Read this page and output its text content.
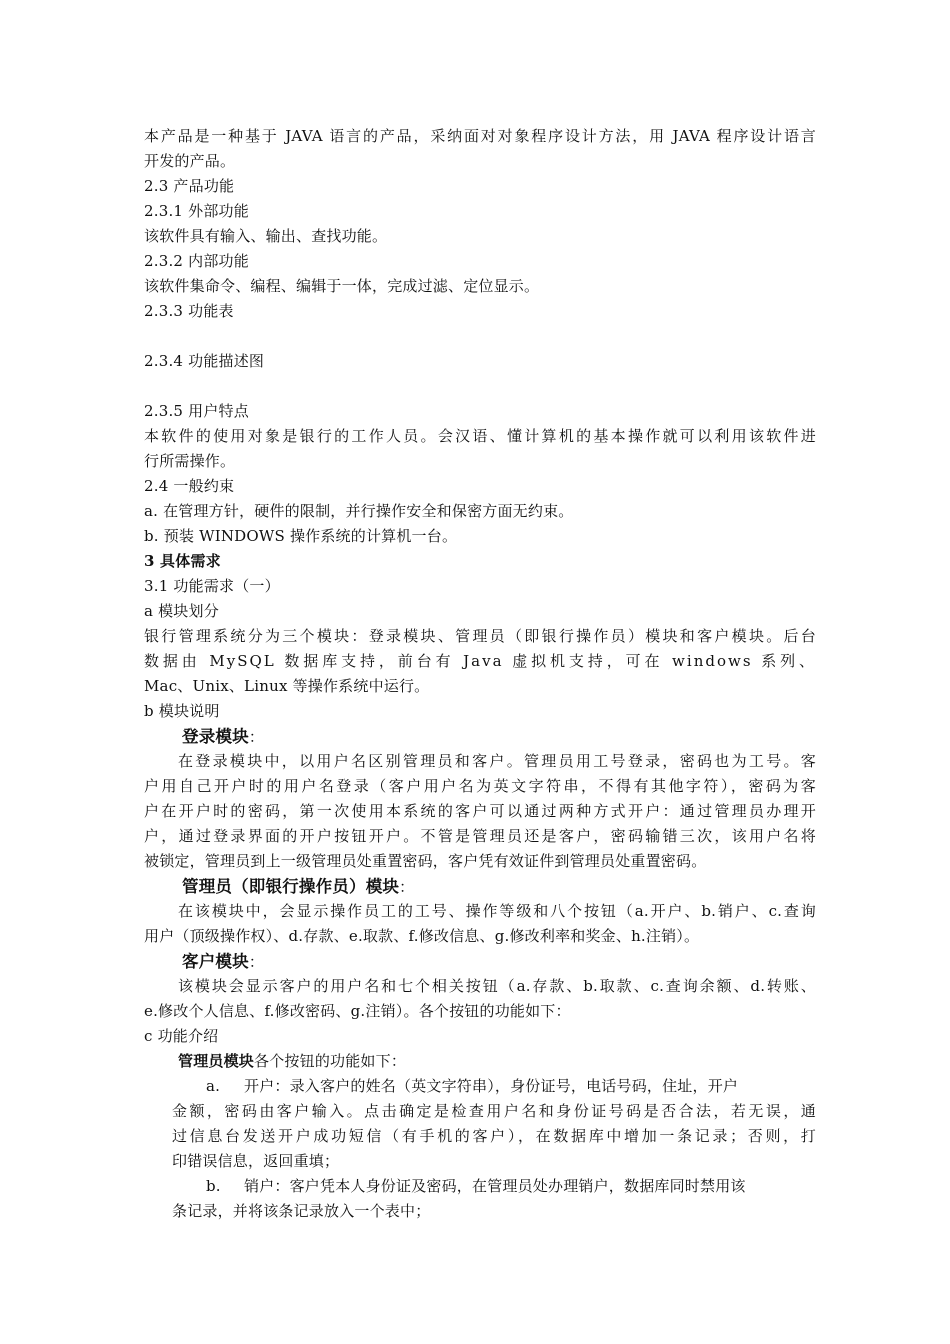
本产品是一种基于 JAVA 语言的产品，采纳面对对象程序设计方法，用 JAVA 程序设计语言
开发的产品。
2.3 产品功能
2.3.1 外部功能
该软件具有输入、输出、查找功能。
2.3.2 内部功能
该软件集命令、编程、编辑于一体，完成过滤、定位显示。
2.3.3 功能表
2.3.4 功能描述图
2.3.5 用户特点
本软件的使用对象是银行的工作人员。会汉语、懂计算机的基本操作就可以利用该软件进
行所需操作。
2.4 一般约束
a. 在管理方针，硬件的限制，并行操作安全和保密方面无约束。
b. 预装 WINDOWS 操作系统的计算机一台。
3 具体需求
3.1 功能需求（一）
a 模块划分
银行管理系统分为三个模块：登录模块、管理员（即银行操作员）模块和客户模块。后台
数据由 MySQL 数据库支持，前台有 Java 虚拟机支持，可在 windows 系列、
Mac、Unix、Linux 等操作系统中运行。
b 模块说明
登录模块：
在登录模块中，以用户名区别管理员和客户。管理员用工号登录，密码也为工号。客
户用自己开户时的用户名登录（客户用户名为英文字符串，不得有其他字符），密码为客
户在开户时的密码，第一次使用本系统的客户可以通过两种方式开户：通过管理员办理开
户，通过登录界面的开户按钮开户。不管是管理员还是客户，密码输错三次，该用户名将
被锁定，管理员到上一级管理员处重置密码，客户凭有效证件到管理员处重置密码。
管理员（即银行操作员）模块：
在该模块中，会显示操作员工的工号、操作等级和八个按钮（a.开户、b.销户、c.查询
用户（顶级操作权）、d.存款、e.取款、f.修改信息、g.修改利率和奖金、h.注销）。
客户模块：
该模块会显示客户的用户名和七个相关按钮（a.存款、b.取款、c.查询余额、d.转账、
e.修改个人信息、f.修改密码、g.注销）。各个按钮的功能如下：
c 功能介绍
管理员模块各个按钮的功能如下：
a. 开户：录入客户的姓名（英文字符串），身份证号，电话号码，住址，开户
金额，密码由客户输入。点击确定是检查用户名和身份证号码是否合法，若无误，通
过信息台发送开户成功短信（有手机的客户），在数据库中增加一条记录；否则，打
印错误信息，返回重填；
b. 销户：客户凭本人身份证及密码，在管理员处办理销户，数据库同时禁用该
条记录，并将该条记录放入一个表中；
